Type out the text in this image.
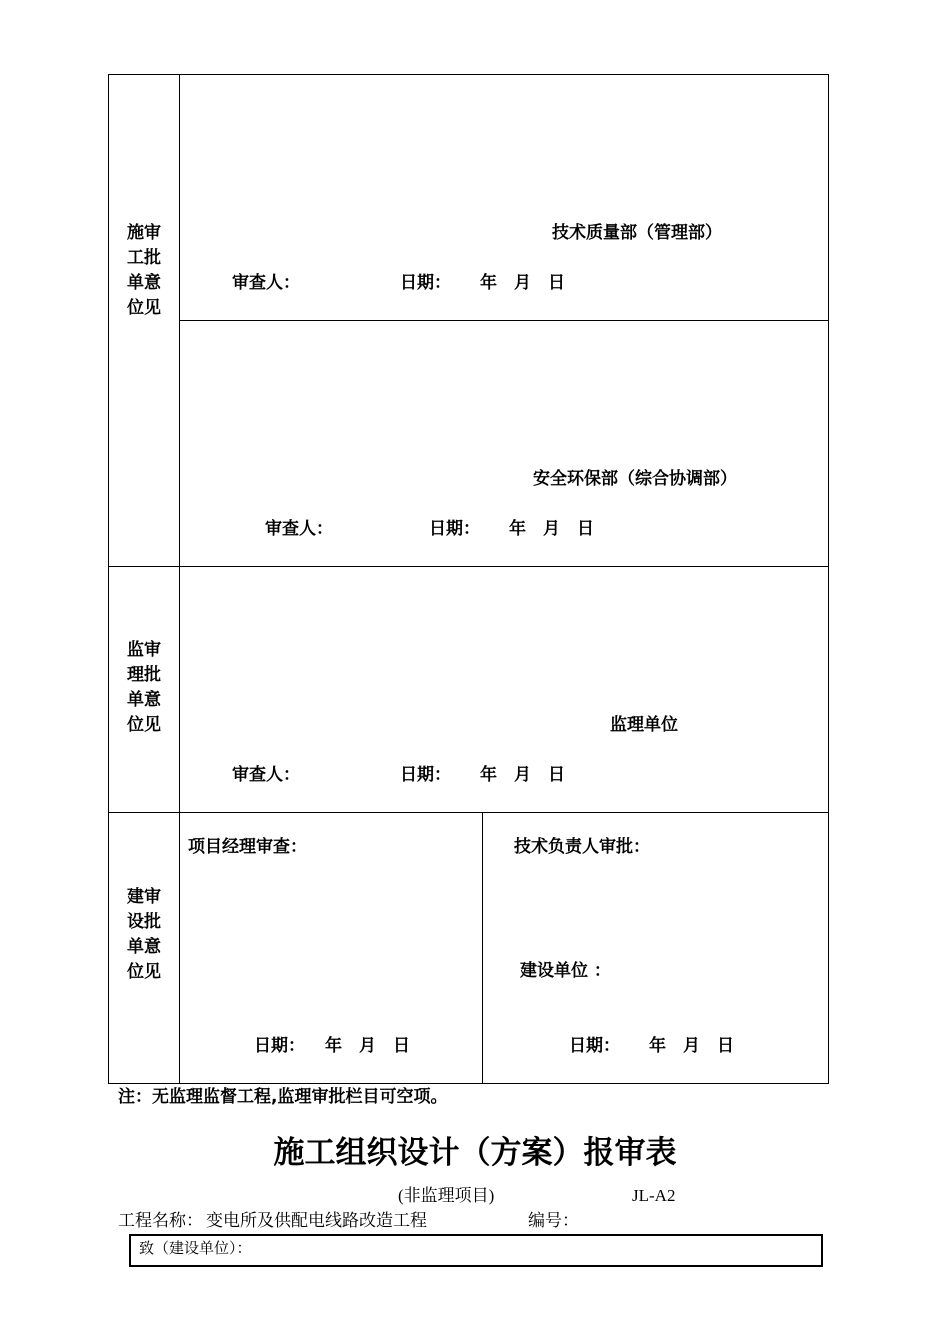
施审
工批
单意
位见
技术质量部（管理部）
审查人：	日期： 年　月　日
安全环保部（综合协调部）
审查人：	日期： 年　月　日
监审
理批
单意
位见	监理单位
审查人：	日期： 年　月　日
建审
设批
单意
位见
项目经理审查：
日期： 年　月　日
技术负责人审批：
建设单位 ：
日期： 年　月　日
注：无监理监督工程,监理审批栏目可空项。
施工组织设计（方案）报审表
(非监理项目)	JL-A2
工程名称： 变电所及供配电线路改造工程	编号：
致（建设单位）：
